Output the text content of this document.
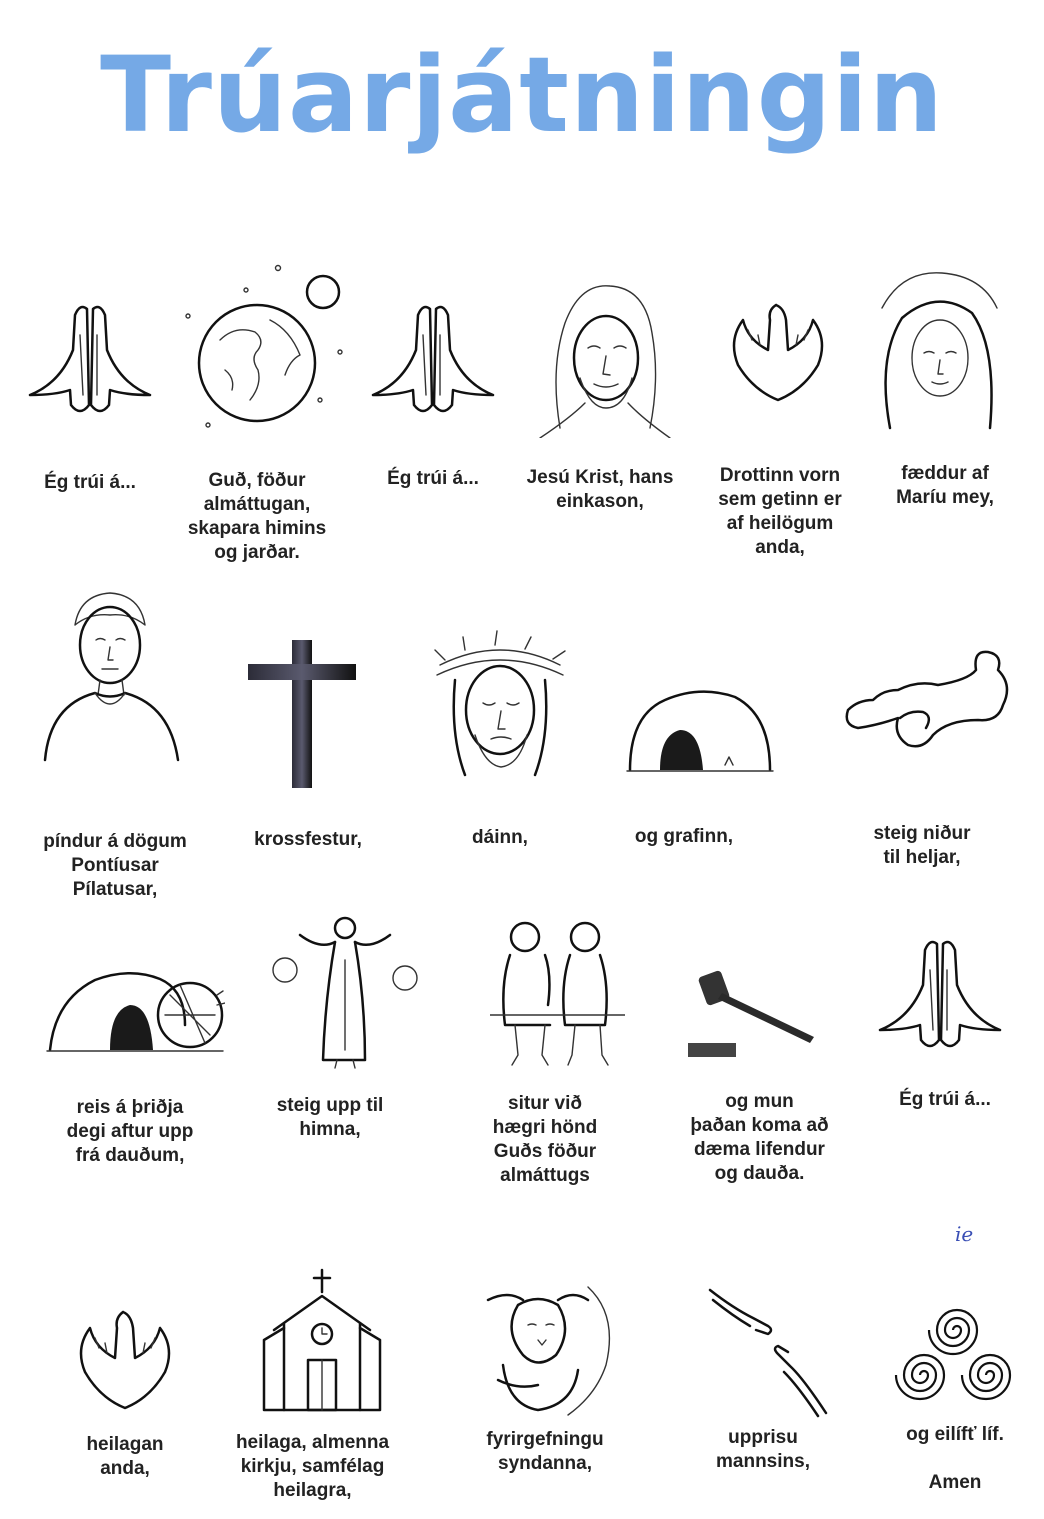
Trúarjátningin
Ég trúi á...	Guð, föður
almáttugan,
skapara himins
og jarðar.
Ég trúi á...	Jesú Krist, hans
einkason,
Drottinn vorn
sem getinn er
af heilögum
anda,
fæddur af
Maríu mey,
píndur á dögum
Pontíusar
Pílatusar,
krossfestur,	dáinn,	og grafinn,	steig niður
til heljar,
reis á þriðja
degi aftur upp
frá dauðum,
steig upp til
himna,
situr við
hægri hönd
Guðs föður
almáttugs
og mun
þaðan koma að
dæma lifendur
og dauða.
Ég trúi á...
ie
heilagan
anda,
heilaga, almenna
kirkju, samfélag
heilagra,
fyrirgefningu
syndanna,
upprisu
mannsins,
og eilífť líf.
Amen
